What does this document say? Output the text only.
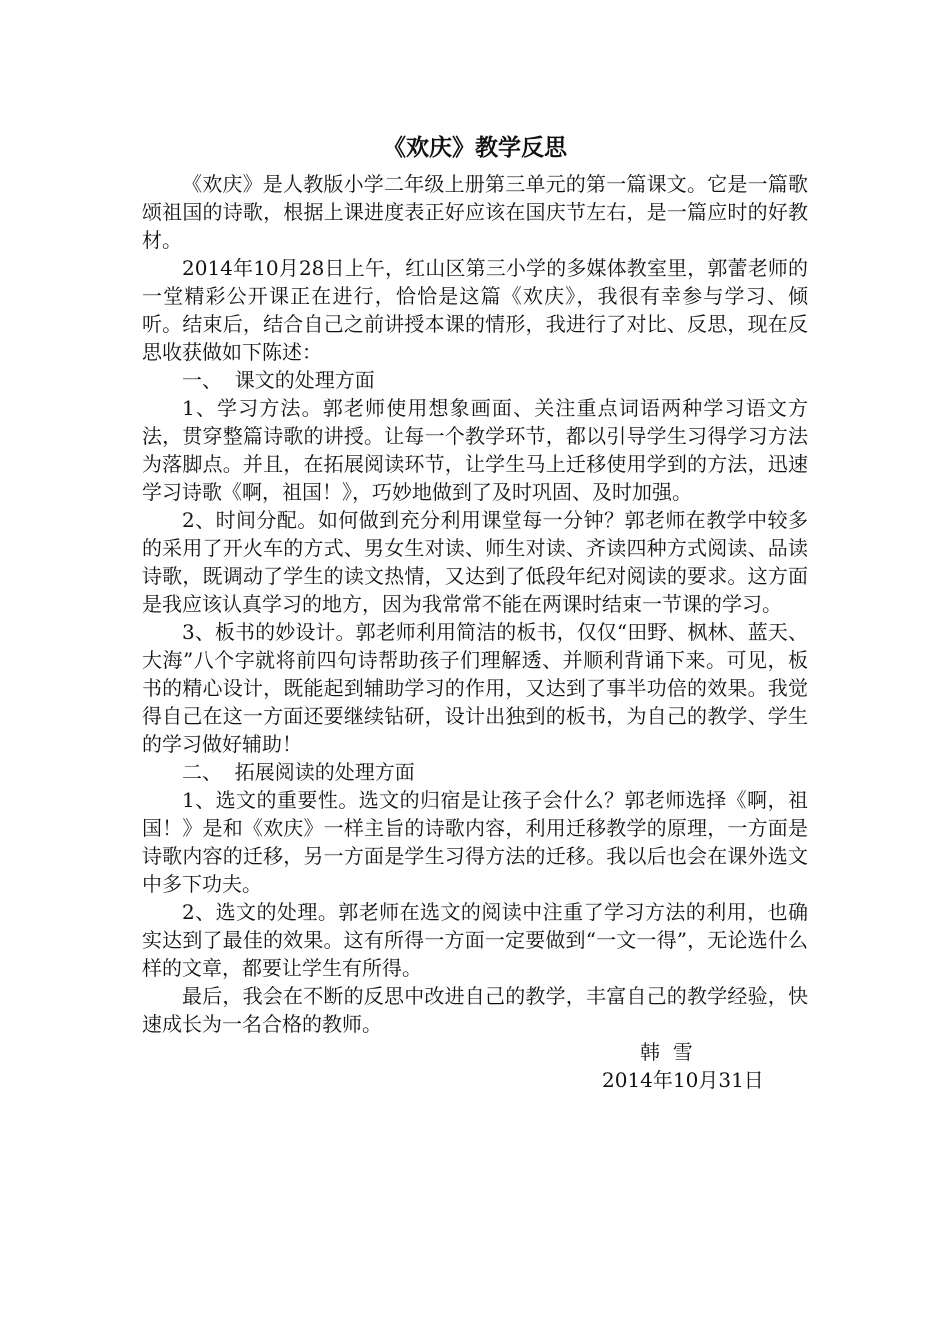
《欢庆》教学反思

《欢庆》是人教版小学二年级上册第三单元的第一篇课文。它是一篇歌颂祖国的诗歌，根据上课进度表正好应该在国庆节左右，是一篇应时的好教材。

2014年10月28日上午，红山区第三小学的多媒体教室里，郭蕾老师的一堂精彩公开课正在进行，恰恰是这篇《欢庆》，我很有幸参与学习、倾听。结束后，结合自己之前讲授本课的情形，我进行了对比、反思，现在反思收获做如下陈述：

一、  课文的处理方面

1、学习方法。郭老师使用想象画面、关注重点词语两种学习语文方法，贯穿整篇诗歌的讲授。让每一个教学环节，都以引导学生习得学习方法为落脚点。并且，在拓展阅读环节，让学生马上迁移使用学到的方法，迅速学习诗歌《啊，祖国！》，巧妙地做到了及时巩固、及时加强。

2、时间分配。如何做到充分利用课堂每一分钟？郭老师在教学中较多的采用了开火车的方式、男女生对读、师生对读、齐读四种方式阅读、品读诗歌，既调动了学生的读文热情，又达到了低段年纪对阅读的要求。这方面是我应该认真学习的地方，因为我常常不能在两课时结束一节课的学习。

3、板书的妙设计。郭老师利用简洁的板书，仅仅“田野、枫林、蓝天、大海”八个字就将前四句诗帮助孩子们理解透、并顺利背诵下来。可见，板书的精心设计，既能起到辅助学习的作用，又达到了事半功倍的效果。我觉得自己在这一方面还要继续钻研，设计出独到的板书，为自己的教学、学生的学习做好辅助！

二、  拓展阅读的处理方面

1、选文的重要性。选文的归宿是让孩子会什么？郭老师选择《啊，祖国！》是和《欢庆》一样主旨的诗歌内容，利用迁移教学的原理，一方面是诗歌内容的迁移，另一方面是学生习得方法的迁移。我以后也会在课外选文中多下功夫。

2、选文的处理。郭老师在选文的阅读中注重了学习方法的利用，也确实达到了最佳的效果。这有所得一方面一定要做到“一文一得”，无论选什么样的文章，都要让学生有所得。

最后，我会在不断的反思中改进自己的教学，丰富自己的教学经验，快速成长为一名合格的教师。

韩  雪

2014年10月31日
